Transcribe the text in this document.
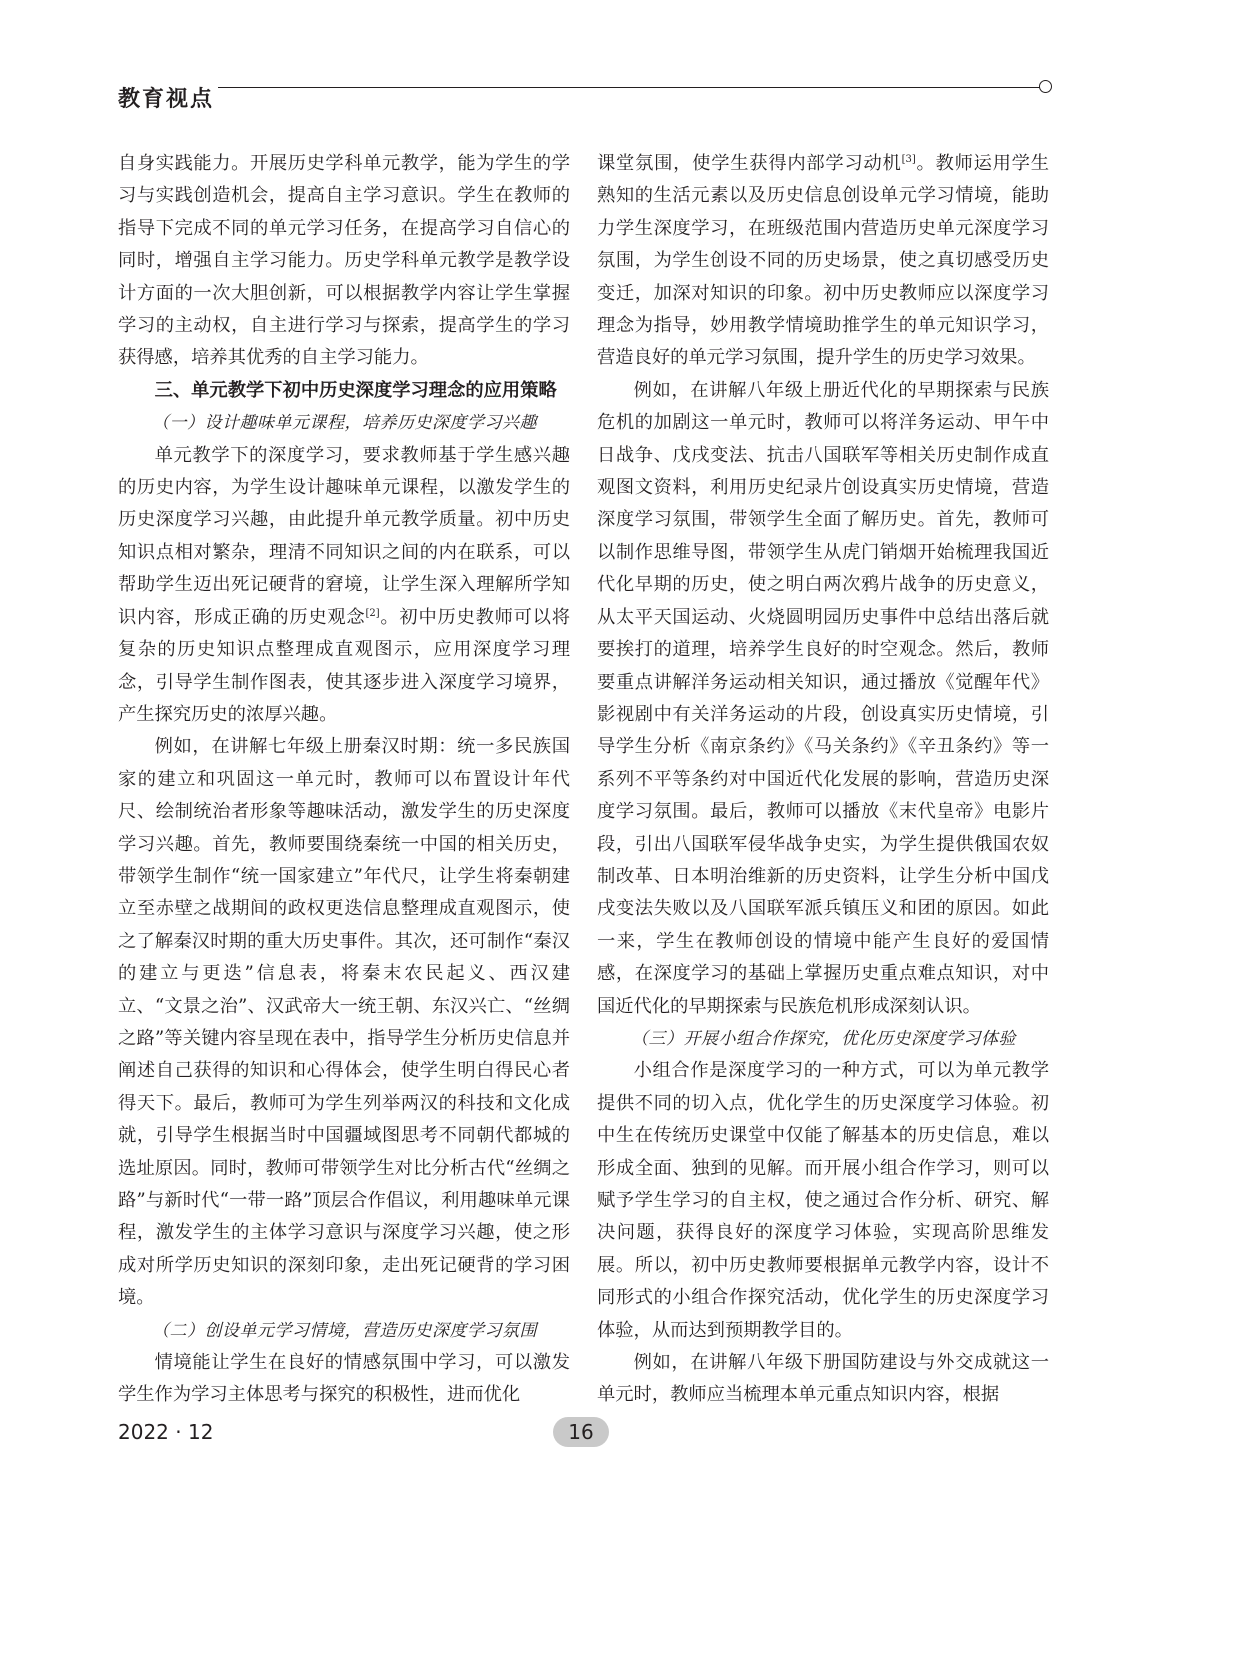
教育视点

自身实践能力。开展历史学科单元教学，能为学生的学习与实践创造机会，提高自主学习意识。学生在教师的指导下完成不同的单元学习任务，在提高学习自信心的同时，增强自主学习能力。历史学科单元教学是教学设计方面的一次大胆创新，可以根据教学内容让学生掌握学习的主动权，自主进行学习与探索，提高学生的学习获得感，培养其优秀的自主学习能力。

三、单元教学下初中历史深度学习理念的应用策略
（一）设计趣味单元课程，培养历史深度学习兴趣

单元教学下的深度学习，要求教师基于学生感兴趣的历史内容，为学生设计趣味单元课程，以激发学生的历史深度学习兴趣，由此提升单元教学质量。初中历史知识点相对繁杂，理清不同知识之间的内在联系，可以帮助学生迈出死记硬背的窘境，让学生深入理解所学知识内容，形成正确的历史观念[2]。初中历史教师可以将复杂的历史知识点整理成直观图示，应用深度学习理念，引导学生制作图表，使其逐步进入深度学习境界，产生探究历史的浓厚兴趣。

例如，在讲解七年级上册秦汉时期：统一多民族国家的建立和巩固这一单元时，教师可以布置设计年代尺、绘制统治者形象等趣味活动，激发学生的历史深度学习兴趣。首先，教师要围绕秦统一中国的相关历史，带领学生制作“统一国家建立”年代尺，让学生将秦朝建立至赤壁之战期间的政权更迭信息整理成直观图示，使之了解秦汉时期的重大历史事件。其次，还可制作“秦汉的建立与更迭”信息表，将秦末农民起义、西汉建立、“文景之治”、汉武帝大一统王朝、东汉兴亡、“丝绸之路”等关键内容呈现在表中，指导学生分析历史信息并阐述自己获得的知识和心得体会，使学生明白得民心者得天下。最后，教师可为学生列举两汉的科技和文化成就，引导学生根据当时中国疆域图思考不同朝代都城的选址原因。同时，教师可带领学生对比分析古代“丝绸之路”与新时代“一带一路”顶层合作倡议，利用趣味单元课程，激发学生的主体学习意识与深度学习兴趣，使之形成对所学历史知识的深刻印象，走出死记硬背的学习困境。

（二）创设单元学习情境，营造历史深度学习氛围

情境能让学生在良好的情感氛围中学习，可以激发学生作为学习主体思考与探究的积极性，进而优化

课堂氛围，使学生获得内部学习动机[3]。教师运用学生熟知的生活元素以及历史信息创设单元学习情境，能助力学生深度学习，在班级范围内营造历史单元深度学习氛围，为学生创设不同的历史场景，使之真切感受历史变迁，加深对知识的印象。初中历史教师应以深度学习理念为指导，妙用教学情境助推学生的单元知识学习，营造良好的单元学习氛围，提升学生的历史学习效果。

例如，在讲解八年级上册近代化的早期探索与民族危机的加剧这一单元时，教师可以将洋务运动、甲午中日战争、戊戌变法、抗击八国联军等相关历史制作成直观图文资料，利用历史纪录片创设真实历史情境，营造深度学习氛围，带领学生全面了解历史。首先，教师可以制作思维导图，带领学生从虎门销烟开始梳理我国近代化早期的历史，使之明白两次鸦片战争的历史意义，从太平天国运动、火烧圆明园历史事件中总结出落后就要挨打的道理，培养学生良好的时空观念。然后，教师要重点讲解洋务运动相关知识，通过播放《觉醒年代》影视剧中有关洋务运动的片段，创设真实历史情境，引导学生分析《南京条约》《马关条约》《辛丑条约》等一系列不平等条约对中国近代化发展的影响，营造历史深度学习氛围。最后，教师可以播放《末代皇帝》电影片段，引出八国联军侵华战争史实，为学生提供俄国农奴制改革、日本明治维新的历史资料，让学生分析中国戊戌变法失败以及八国联军派兵镇压义和团的原因。如此一来，学生在教师创设的情境中能产生良好的爱国情感，在深度学习的基础上掌握历史重点难点知识，对中国近代化的早期探索与民族危机形成深刻认识。

（三）开展小组合作探究，优化历史深度学习体验

小组合作是深度学习的一种方式，可以为单元教学提供不同的切入点，优化学生的历史深度学习体验。初中生在传统历史课堂中仅能了解基本的历史信息，难以形成全面、独到的见解。而开展小组合作学习，则可以赋予学生学习的自主权，使之通过合作分析、研究、解决问题，获得良好的深度学习体验，实现高阶思维发展。所以，初中历史教师要根据单元教学内容，设计不同形式的小组合作探究活动，优化学生的历史深度学习体验，从而达到预期教学目的。

例如，在讲解八年级下册国防建设与外交成就这一单元时，教师应当梳理本单元重点知识内容，根据

2022 · 12	16
